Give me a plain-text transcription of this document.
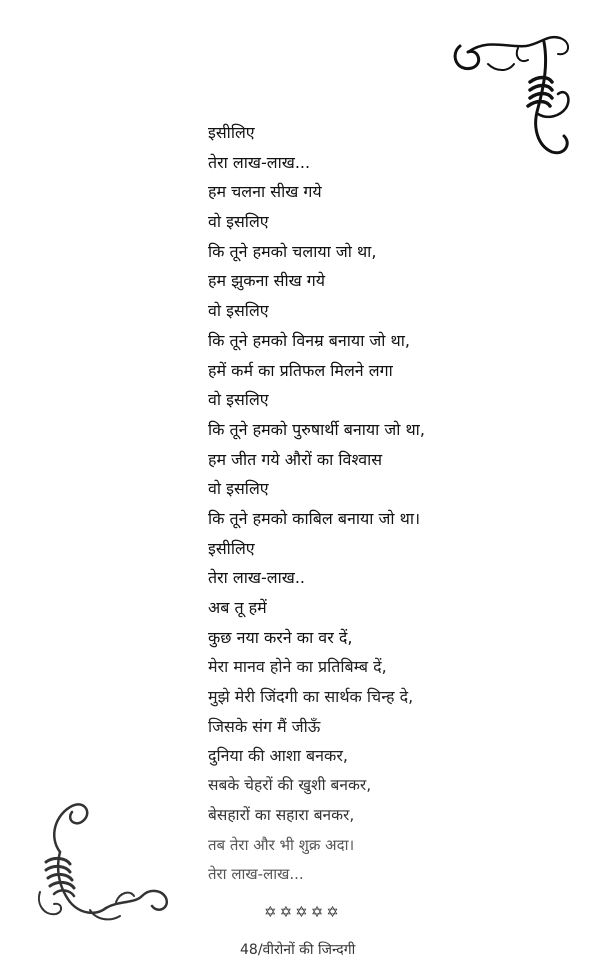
इसीलिए
तेरा लाख-लाख...
हम चलना सीख गये
वो इसलिए
कि तूने हमको चलाया जो था,
हम झुकना सीख गये
वो इसलिए
कि तूने हमको विनम्र बनाया जो था,
हमें कर्म का प्रतिफल मिलने लगा
वो इसलिए
कि तूने हमको पुरुषार्थी बनाया जो था,
हम जीत गये औरों का विश्वास
वो इसलिए
कि तूने हमको काबिल बनाया जो था।
इसीलिए
तेरा लाख-लाख..
अब तू हमें
कुछ नया करने का वर दें,
मेरा मानव होने का प्रतिबिम्ब दें,
मुझे मेरी जिंदगी का सार्थक चिन्ह दे,
जिसके संग मैं जीऊँ
दुनिया की आशा बनकर,
सबके चेहरों की खुशी बनकर,
बेसहारों का सहारा बनकर,
तब तेरा और भी शुक्र अदा।
तेरा लाख-लाख...
✡✡✡✡✡
48/वीरोनों की जिन्दगी
